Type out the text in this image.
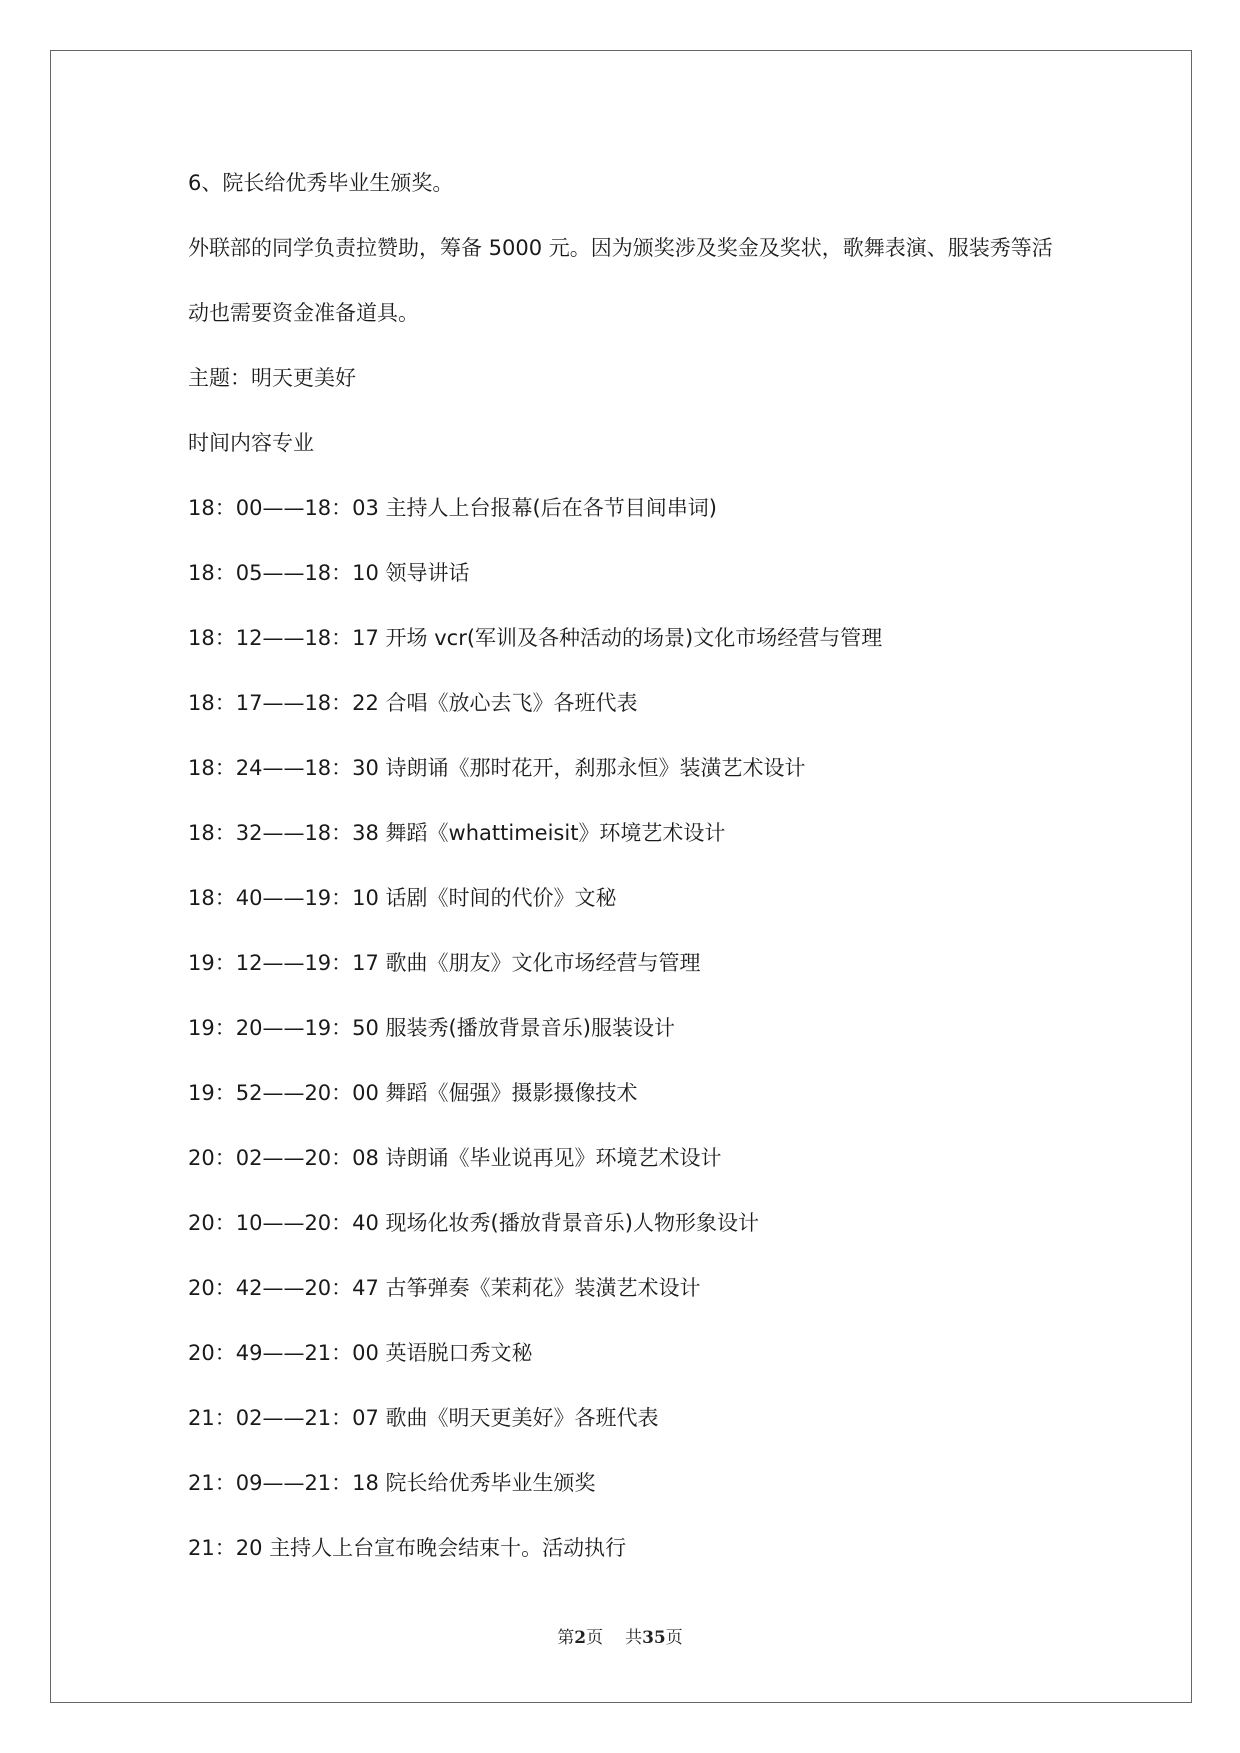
6、院长给优秀毕业生颁奖。
外联部的同学负责拉赞助，筹备 5000 元。因为颁奖涉及奖金及奖状，歌舞表演、服装秀等活
动也需要资金准备道具。
主题：明天更美好
时间内容专业
18：00——18：03 主持人上台报幕(后在各节目间串词)
18：05——18：10 领导讲话
18：12——18：17 开场 vcr(军训及各种活动的场景)文化市场经营与管理
18：17——18：22 合唱《放心去飞》各班代表
18：24——18：30 诗朗诵《那时花开，刹那永恒》装潢艺术设计
18：32——18：38 舞蹈《whattimeisit》环境艺术设计
18：40——19：10 话剧《时间的代价》文秘
19：12——19：17 歌曲《朋友》文化市场经营与管理
19：20——19：50 服装秀(播放背景音乐)服装设计
19：52——20：00 舞蹈《倔强》摄影摄像技术
20：02——20：08 诗朗诵《毕业说再见》环境艺术设计
20：10——20：40 现场化妆秀(播放背景音乐)人物形象设计
20：42——20：47 古筝弹奏《茉莉花》装潢艺术设计
20：49——21：00 英语脱口秀文秘
21：02——21：07 歌曲《明天更美好》各班代表
21：09——21：18 院长给优秀毕业生颁奖
21：20 主持人上台宣布晚会结束十。活动执行
第2页 共35页
